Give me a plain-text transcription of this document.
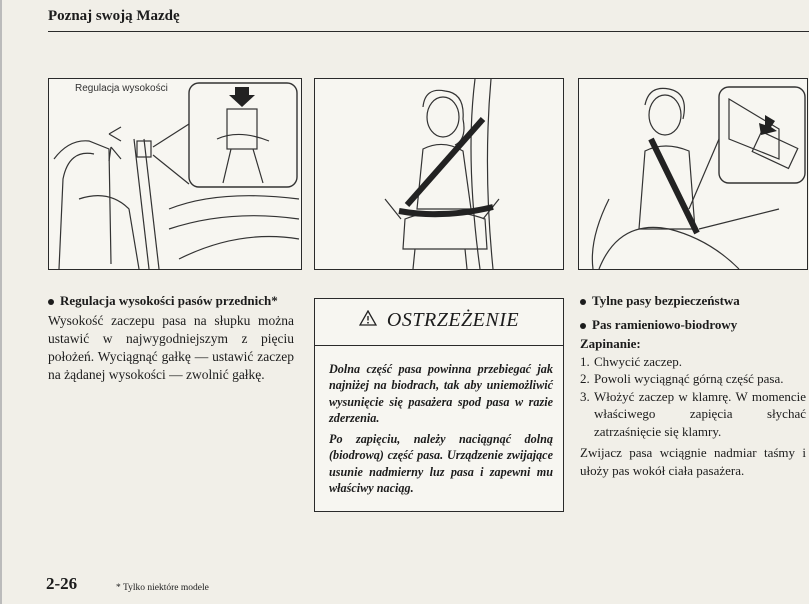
Poznaj swoją Mazdę
Regulacja wysokości
Regulacja wysokości pasów przednich*

Wysokość zaczepu pasa na słupku można ustawić w najwygodniejszym z pięciu położeń. Wyciągnąć gałkę — ustawić zaczep na żądanej wysokości — zwolnić gałkę.

OSTRZEŻENIE

Dolna część pasa powinna przebiegać jak najniżej na biodrach, tak aby uniemożliwić wysunięcie się pasażera spod pasa w razie zderzenia.

Po zapięciu, należy naciągnąć dolną (biodrową) część pasa. Urządzenie zwijające usunie nadmierny luz pasa i zapewni mu właściwy naciąg.

Tylne pasy bezpieczeństwa
Pas ramieniowo-biodrowy
Zapinanie:
1. Chwycić zaczep.
2. Powoli wyciągnąć górną część pasa.
3. Włożyć zaczep w klamrę. W momencie właściwego zapięcia słychać zatrzaśnięcie się klamry.

Zwijacz pasa wciągnie nadmiar taśmy i ułoży pas wokół ciała pasażera.

2-26	* Tylko niektóre modele
